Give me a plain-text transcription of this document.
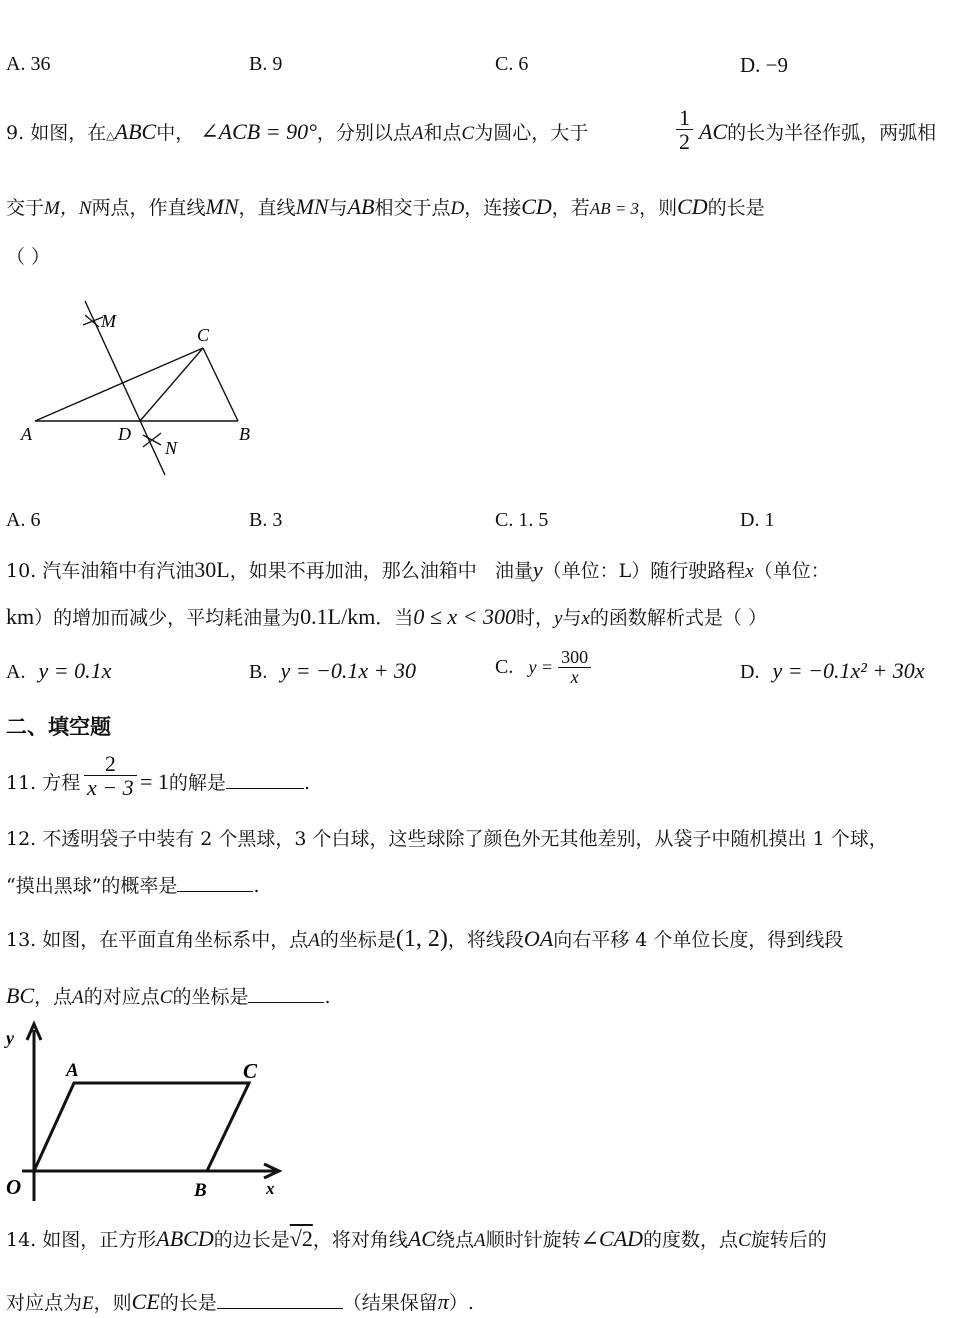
A. 36	B. 9	C. 6	D. −9
9. 如图，在△ABC中， ∠ACB = 90°，分别以点A和点C为圆心，大于	$\frac{1}{2}$ AC的长为半径作弧，两弧相
交于M，N两点，作直线MN，直线MN与AB相交于点D，连接CD，若AB = 3，则CD的长是
（ ）
M
C
A	D
N
B
A. 6	B. 3	C. 1. 5	D. 1
10. 汽车油箱中有汽油30L，如果不再加油，那么油箱中 油量y（单位：L）随行驶路程x（单位：
km）的增加而减少，平均耗油量为0.1L/km．当0 ≤ x < 300时，y与x的函数解析式是（ ）
A. y = 0.1x	B. y = −0.1x + 30	C. $y = \frac{300}{x}$	D. y = −0.1x² + 30x
二、填空题
11. 方程 $\frac{2}{x - 3} = 1$的解是	.
12. 不透明袋子中装有 2 个黑球，3 个白球，这些球除了颜色外无其他差别，从袋子中随机摸出 1 个球，
“摸出黑球”的概率是	.
13. 如图，在平面直角坐标系中，点A的坐标是(1, 2)，将线段OA向右平移 4 个单位长度，得到线段
BC，点A的对应点C的坐标是	.
y
A	C
O	B	x
14. 如图，正方形ABCD的边长是√2，将对角线AC绕点A顺时针旋转∠CAD的度数，点C旋转后的
对应点为E，则CE的长是	（结果保留π）.
